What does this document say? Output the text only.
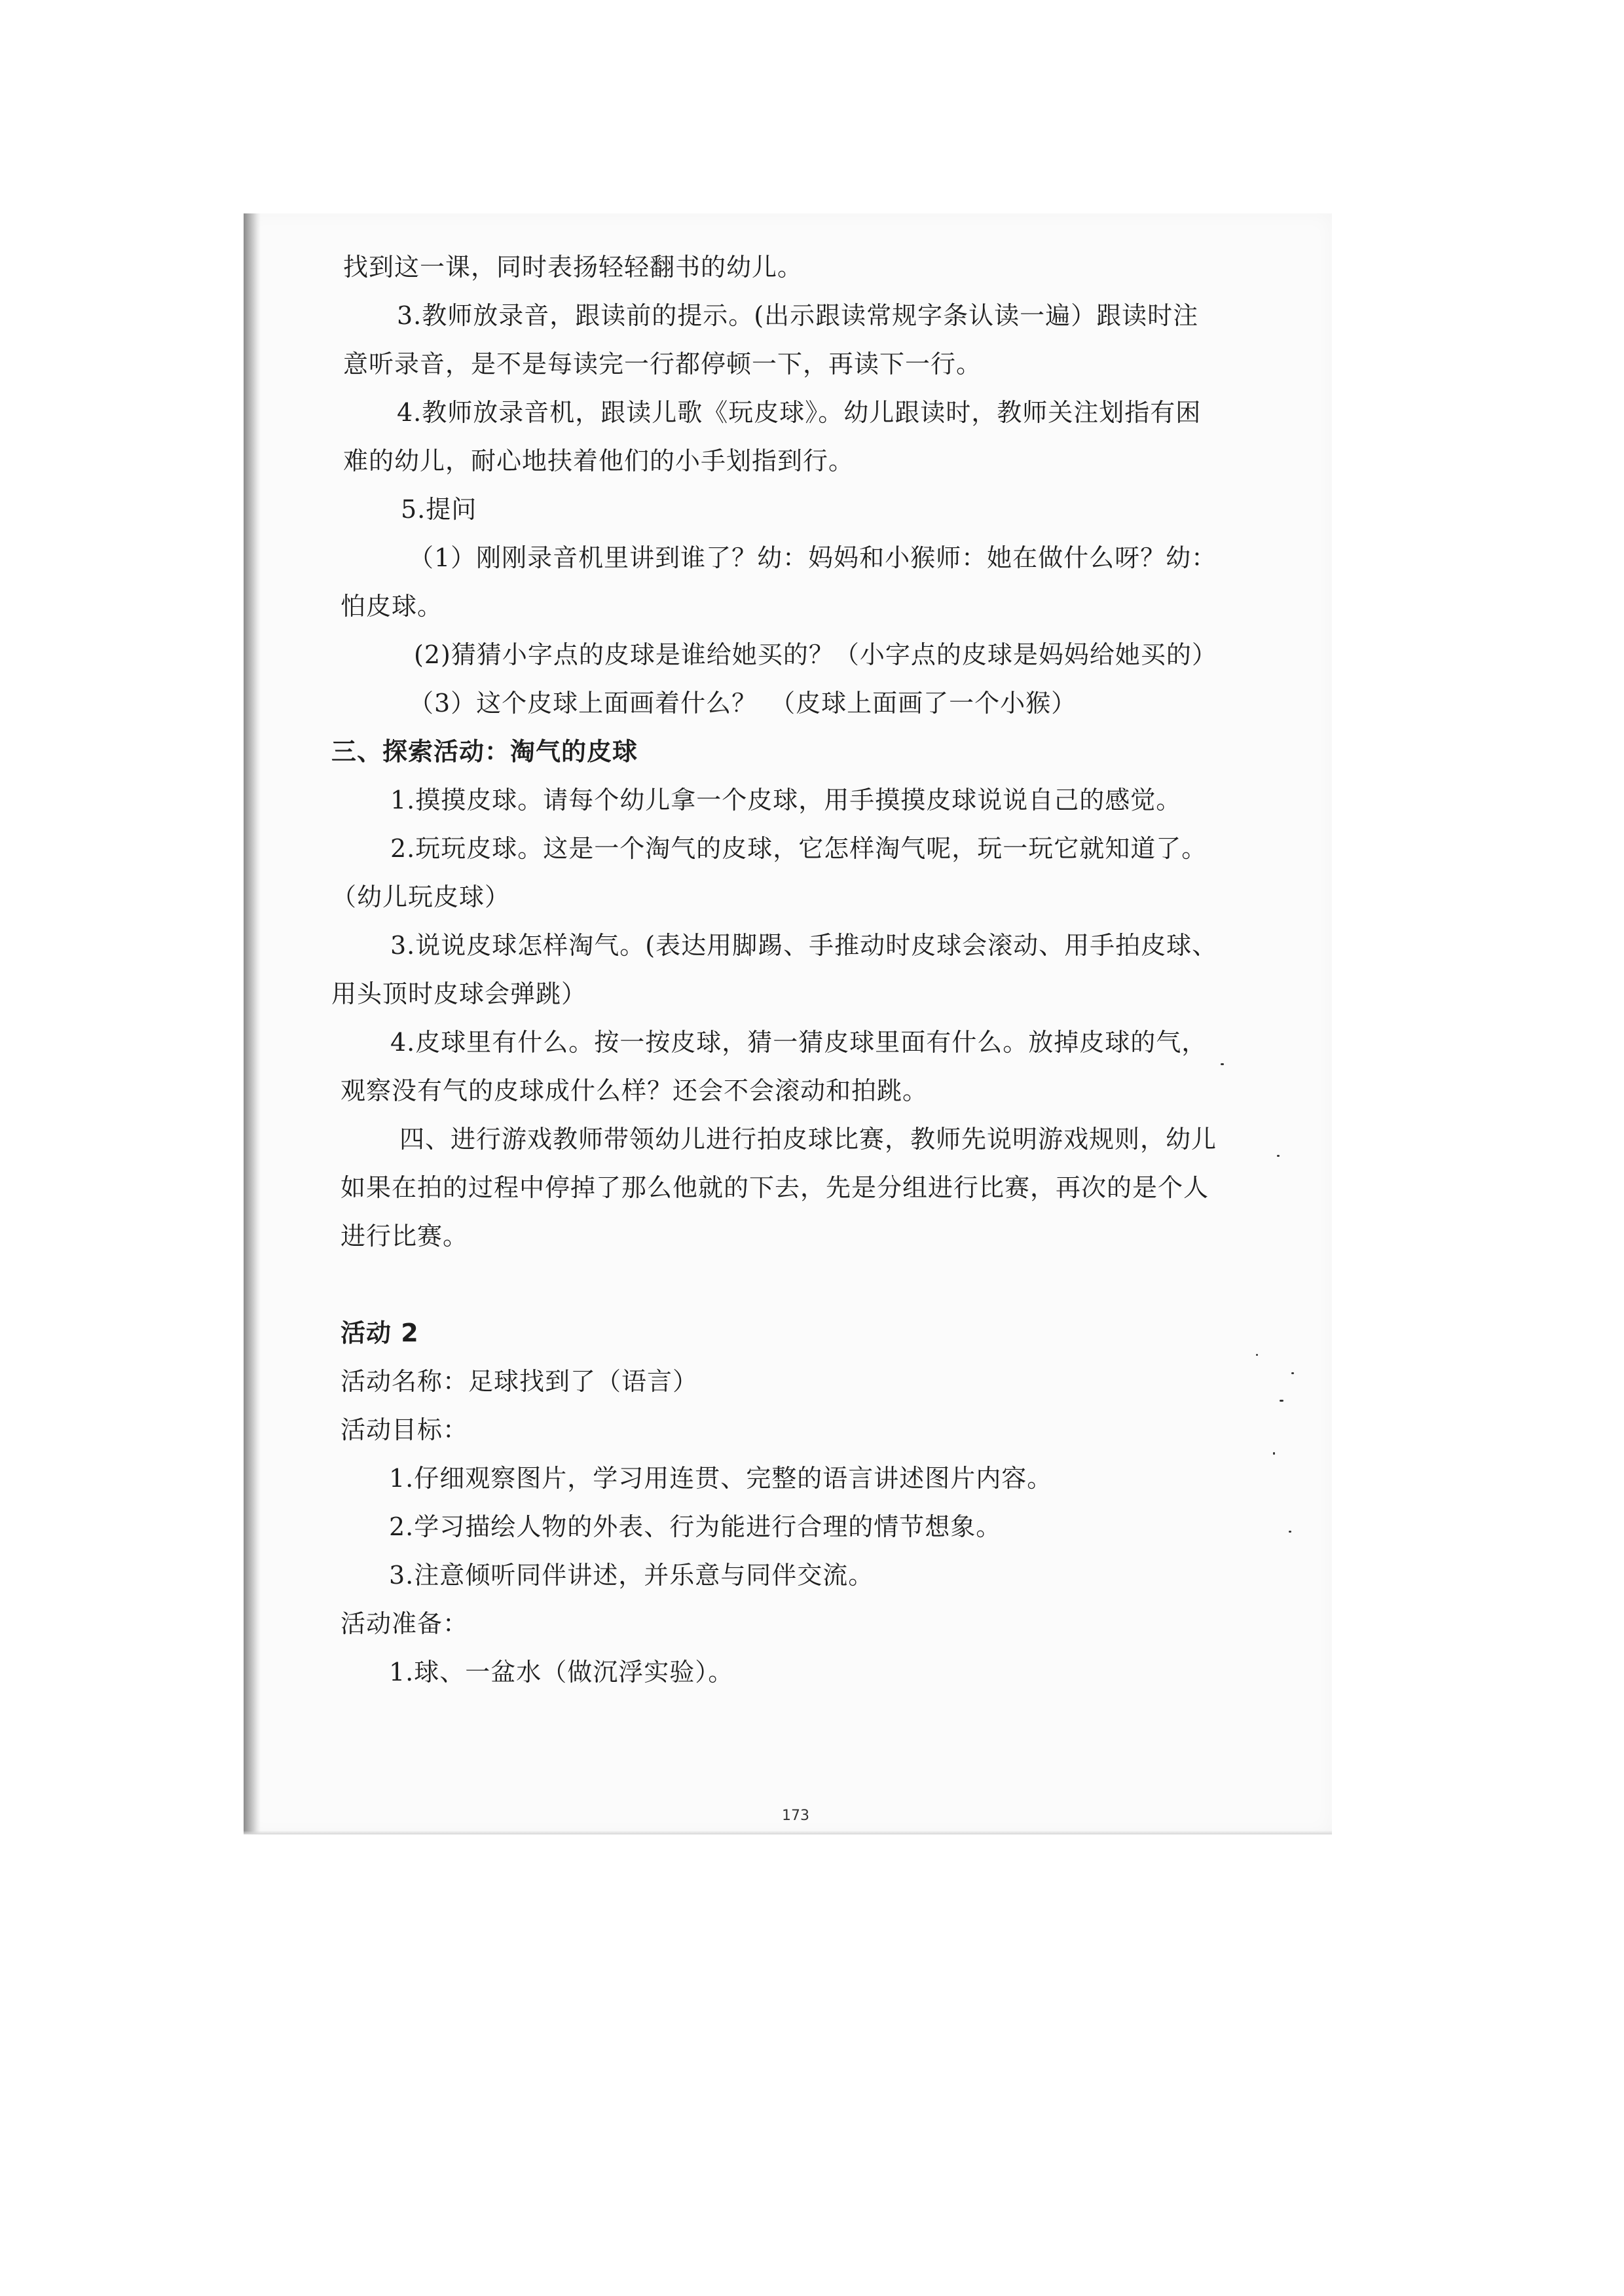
找到这一课，同时表扬轻轻翻书的幼儿。
3.教师放录音，跟读前的提示。(出示跟读常规字条认读一遍）跟读时注
意听录音，是不是每读完一行都停顿一下，再读下一行。
4.教师放录音机，跟读儿歌《玩皮球》。幼儿跟读时，教师关注划指有困
难的幼儿，耐心地扶着他们的小手划指到行。
5.提问
（1）刚刚录音机里讲到谁了？幼：妈妈和小猴师：她在做什么呀？幼：
怕皮球。
(2)猜猜小字点的皮球是谁给她买的？（小字点的皮球是妈妈给她买的）
（3）这个皮球上面画着什么？　（皮球上面画了一个小猴）
三、探索活动：淘气的皮球
1.摸摸皮球。请每个幼儿拿一个皮球，用手摸摸皮球说说自己的感觉。
2.玩玩皮球。这是一个淘气的皮球，它怎样淘气呢，玩一玩它就知道了。
（幼儿玩皮球）
3.说说皮球怎样淘气。(表达用脚踢、手推动时皮球会滚动、用手拍皮球、
用头顶时皮球会弹跳）
4.皮球里有什么。按一按皮球，猜一猜皮球里面有什么。放掉皮球的气，
观察没有气的皮球成什么样？还会不会滚动和拍跳。
四、进行游戏教师带领幼儿进行拍皮球比赛，教师先说明游戏规则，幼儿
如果在拍的过程中停掉了那么他就的下去，先是分组进行比赛，再次的是个人
进行比赛。
活动 2
活动名称：足球找到了（语言）
活动目标：
1.仔细观察图片，学习用连贯、完整的语言讲述图片内容。
2.学习描绘人物的外表、行为能进行合理的情节想象。
3.注意倾听同伴讲述，并乐意与同伴交流。
活动准备：
1.球、一盆水（做沉浮实验）。
173
